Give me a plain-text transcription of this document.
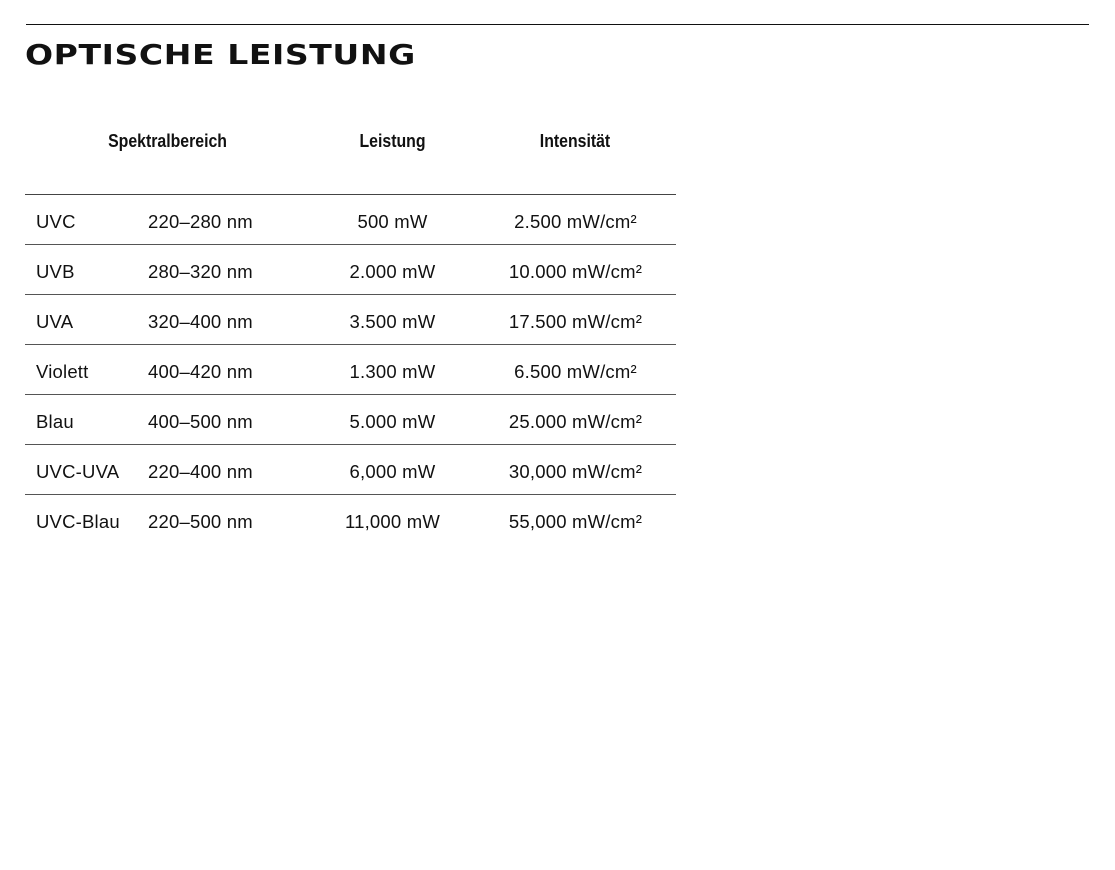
OPTISCHE LEISTUNG
Spektralbereich		Leistung	Intensität
UVC	220–280 nm	500 mW	2.500 mW/cm²
UVB	280–320 nm	2.000 mW	10.000 mW/cm²
UVA	320–400 nm	3.500 mW	17.500 mW/cm²
Violett	400–420 nm	1.300 mW	6.500 mW/cm²
Blau	400–500 nm	5.000 mW	25.000 mW/cm²
UVC-UVA	220–400 nm	6,000 mW	30,000 mW/cm²
UVC-Blau	220–500 nm	11,000 mW	55,000 mW/cm²
